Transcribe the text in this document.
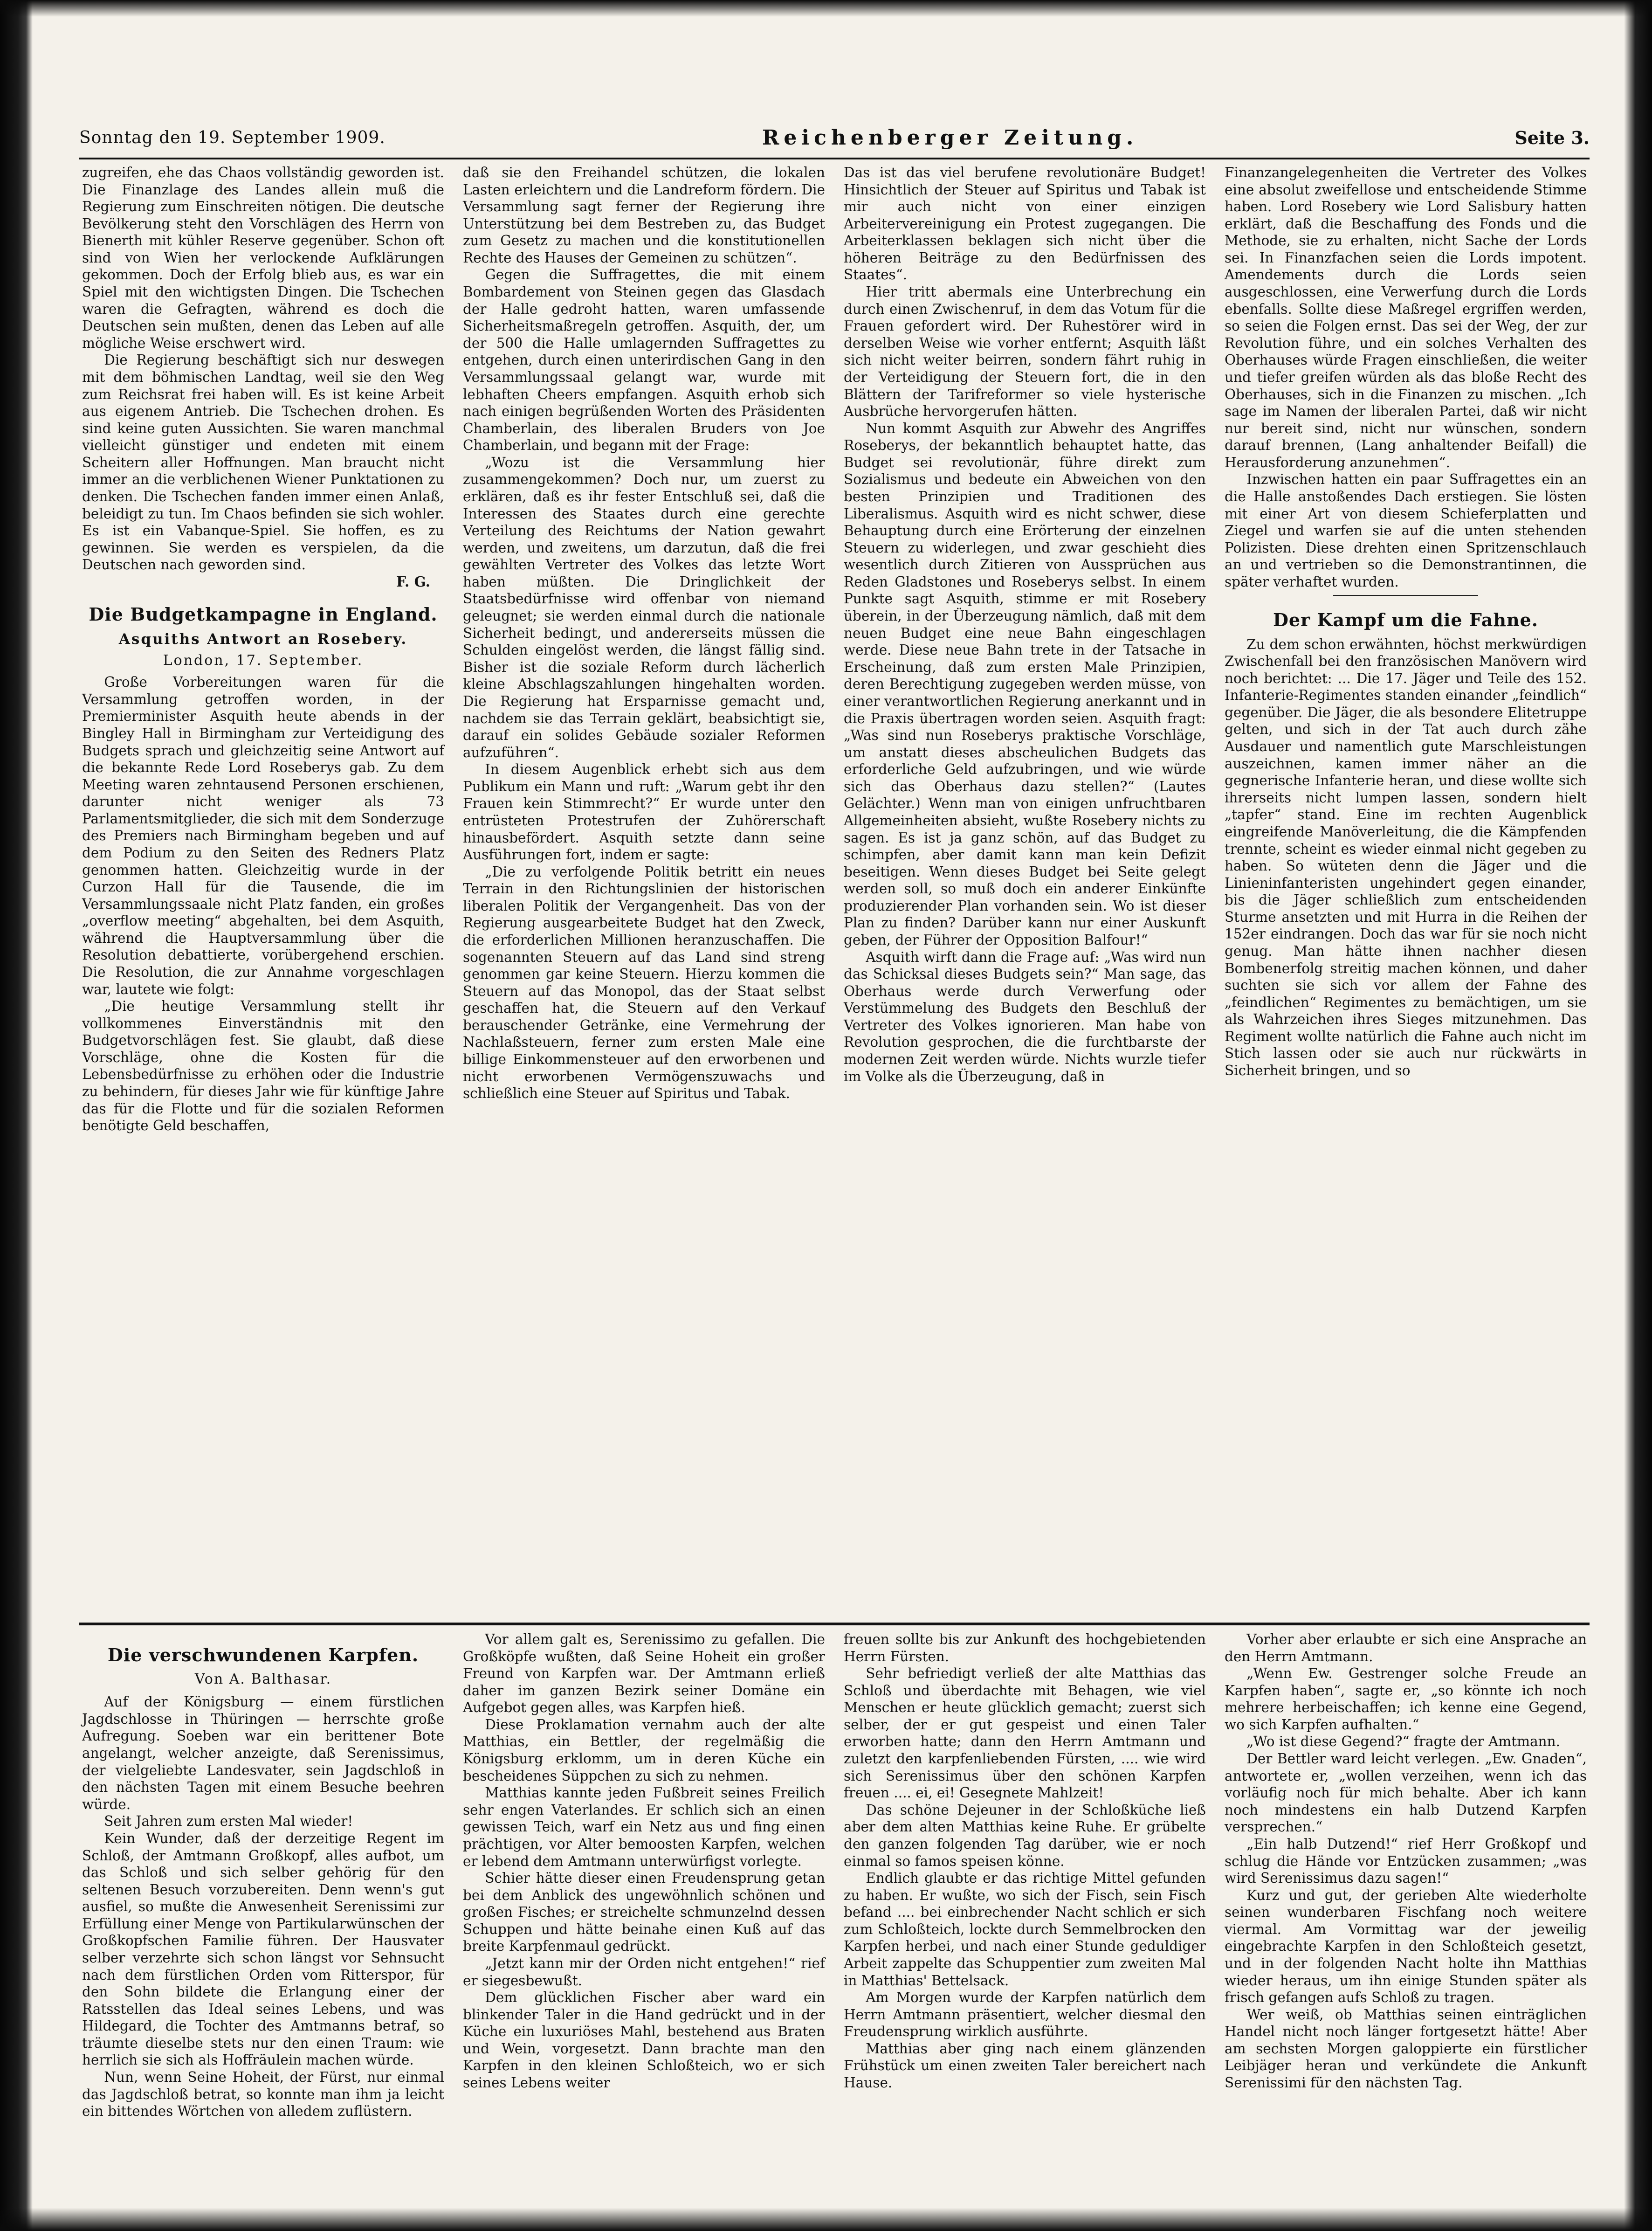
Sonntag den 19. September 1909.	Reichenberger Zeitung.	Seite 3.

zugreifen, ehe das Chaos vollständig geworden ist. Die Finanzlage des Landes allein muß die Regierung zum Einschreiten nötigen. Die deutsche Bevölkerung steht den Vorschlägen des Herrn von Bienerth mit kühler Reserve gegenüber. Schon oft sind von Wien her verlockende Aufklärungen gekommen. Doch der Erfolg blieb aus, es war ein Spiel mit den wichtigsten Dingen. Die Tschechen waren die Gefragten, während es doch die Deutschen sein mußten, denen das Leben auf alle mögliche Weise erschwert wird.

Die Regierung beschäftigt sich nur deswegen mit dem böhmischen Landtag, weil sie den Weg zum Reichsrat frei haben will. Es ist keine Arbeit aus eigenem Antrieb. Die Tschechen drohen. Es sind keine guten Aussichten. Sie waren manchmal vielleicht günstiger und endeten mit einem Scheitern aller Hoffnungen. Man braucht nicht immer an die verblichenen Wiener Punktationen zu denken. Die Tschechen fanden immer einen Anlaß, beleidigt zu tun. Im Chaos befinden sie sich wohler. Es ist ein Vabanque-Spiel. Sie hoffen, es zu gewinnen. Sie werden es verspielen, da die Deutschen nach geworden sind.

F. G.
Die Budgetkampagne in England.
Asquiths Antwort an Rosebery.
London, 17. September.

Große Vorbereitungen waren für die Versammlung getroffen worden, in der Premierminister Asquith heute abends in der Bingley Hall in Birmingham zur Verteidigung des Budgets sprach und gleichzeitig seine Antwort auf die bekannte Rede Lord Roseberys gab. Zu dem Meeting waren zehntausend Personen erschienen, darunter nicht weniger als 73 Parlamentsmitglieder, die sich mit dem Sonderzuge des Premiers nach Birmingham begeben und auf dem Podium zu den Seiten des Redners Platz genommen hatten. Gleichzeitig wurde in der Curzon Hall für die Tausende, die im Versammlungssaale nicht Platz fanden, ein großes „overflow meeting“ abgehalten, bei dem Asquith, während die Hauptversammlung über die Resolution debattierte, vorübergehend erschien. Die Resolution, die zur Annahme vorgeschlagen war, lautete wie folgt:

„Die heutige Versammlung stellt ihr vollkommenes Einverständnis mit den Budgetvorschlägen fest. Sie glaubt, daß diese Vorschläge, ohne die Kosten für die Lebensbedürfnisse zu erhöhen oder die Industrie zu behindern, für dieses Jahr wie für künftige Jahre das für die Flotte und für die sozialen Reformen benötigte Geld beschaffen,

daß sie den Freihandel schützen, die lokalen Lasten erleichtern und die Landreform fördern. Die Versammlung sagt ferner der Regierung ihre Unterstützung bei dem Bestreben zu, das Budget zum Gesetz zu machen und die konstitutionellen Rechte des Hauses der Gemeinen zu schützen“.

Gegen die Suffragettes, die mit einem Bombardement von Steinen gegen das Glasdach der Halle gedroht hatten, waren umfassende Sicherheitsmaßregeln getroffen. Asquith, der, um der 500 die Halle umlagernden Suffragettes zu entgehen, durch einen unterirdischen Gang in den Versammlungssaal gelangt war, wurde mit lebhaften Cheers empfangen. Asquith erhob sich nach einigen begrüßenden Worten des Präsidenten Chamberlain, des liberalen Bruders von Joe Chamberlain, und begann mit der Frage:

„Wozu ist die Versammlung hier zusammengekommen? Doch nur, um zuerst zu erklären, daß es ihr fester Entschluß sei, daß die Interessen des Staates durch eine gerechte Verteilung des Reichtums der Nation gewahrt werden, und zweitens, um darzutun, daß die frei gewählten Vertreter des Volkes das letzte Wort haben müßten. Die Dringlichkeit der Staatsbedürfnisse wird offenbar von niemand geleugnet; sie werden einmal durch die nationale Sicherheit bedingt, und andererseits müssen die Schulden eingelöst werden, die längst fällig sind. Bisher ist die soziale Reform durch lächerlich kleine Abschlagszahlungen hingehalten worden. Die Regierung hat Ersparnisse gemacht und, nachdem sie das Terrain geklärt, beabsichtigt sie, darauf ein solides Gebäude sozialer Reformen aufzuführen“.

In diesem Augenblick erhebt sich aus dem Publikum ein Mann und ruft: „Warum gebt ihr den Frauen kein Stimmrecht?“ Er wurde unter den entrüsteten Protestrufen der Zuhörerschaft hinausbefördert. Asquith setzte dann seine Ausführungen fort, indem er sagte:

„Die zu verfolgende Politik betritt ein neues Terrain in den Richtungslinien der historischen liberalen Politik der Vergangenheit. Das von der Regierung ausgearbeitete Budget hat den Zweck, die erforderlichen Millionen heranzuschaffen. Die sogenannten Steuern auf das Land sind streng genommen gar keine Steuern. Hierzu kommen die Steuern auf das Monopol, das der Staat selbst geschaffen hat, die Steuern auf den Verkauf berauschender Getränke, eine Vermehrung der Nachlaßsteuern, ferner zum ersten Male eine billige Einkommensteuer auf den erworbenen und nicht erworbenen Vermögenszuwachs und schließlich eine Steuer auf Spiritus und Tabak.

Das ist das viel berufene revolutionäre Budget! Hinsichtlich der Steuer auf Spiritus und Tabak ist mir auch nicht von einer einzigen Arbeitervereinigung ein Protest zugegangen. Die Arbeiterklassen beklagen sich nicht über die höheren Beiträge zu den Bedürfnissen des Staates“.

Hier tritt abermals eine Unterbrechung ein durch einen Zwischenruf, in dem das Votum für die Frauen gefordert wird. Der Ruhestörer wird in derselben Weise wie vorher entfernt; Asquith läßt sich nicht weiter beirren, sondern fährt ruhig in der Verteidigung der Steuern fort, die in den Blättern der Tarifreformer so viele hysterische Ausbrüche hervorgerufen hätten.

Nun kommt Asquith zur Abwehr des Angriffes Roseberys, der bekanntlich behauptet hatte, das Budget sei revolutionär, führe direkt zum Sozialismus und bedeute ein Abweichen von den besten Prinzipien und Traditionen des Liberalismus. Asquith wird es nicht schwer, diese Behauptung durch eine Erörterung der einzelnen Steuern zu widerlegen, und zwar geschieht dies wesentlich durch Zitieren von Aussprüchen aus Reden Gladstones und Roseberys selbst. In einem Punkte sagt Asquith, stimme er mit Rosebery überein, in der Überzeugung nämlich, daß mit dem neuen Budget eine neue Bahn eingeschlagen werde. Diese neue Bahn trete in der Tatsache in Erscheinung, daß zum ersten Male Prinzipien, deren Berechtigung zugegeben werden müsse, von einer verantwortlichen Regierung anerkannt und in die Praxis übertragen worden seien. Asquith fragt: „Was sind nun Roseberys praktische Vorschläge, um anstatt dieses abscheulichen Budgets das erforderliche Geld aufzubringen, und wie würde sich das Oberhaus dazu stellen?“ (Lautes Gelächter.) Wenn man von einigen unfruchtbaren Allgemeinheiten absieht, wußte Rosebery nichts zu sagen. Es ist ja ganz schön, auf das Budget zu schimpfen, aber damit kann man kein Defizit beseitigen. Wenn dieses Budget bei Seite gelegt werden soll, so muß doch ein anderer Einkünfte produzierender Plan vorhanden sein. Wo ist dieser Plan zu finden? Darüber kann nur einer Auskunft geben, der Führer der Opposition Balfour!“

Asquith wirft dann die Frage auf: „Was wird nun das Schicksal dieses Budgets sein?“ Man sage, das Oberhaus werde durch Verwerfung oder Verstümmelung des Budgets den Beschluß der Vertreter des Volkes ignorieren. Man habe von Revolution gesprochen, die die furchtbarste der modernen Zeit werden würde. Nichts wurzle tiefer im Volke als die Überzeugung, daß in

Finanzangelegenheiten die Vertreter des Volkes eine absolut zweifellose und entscheidende Stimme haben. Lord Rosebery wie Lord Salisbury hatten erklärt, daß die Beschaffung des Fonds und die Methode, sie zu erhalten, nicht Sache der Lords sei. In Finanzfachen seien die Lords impotent. Amendements durch die Lords seien ausgeschlossen, eine Verwerfung durch die Lords ebenfalls. Sollte diese Maßregel ergriffen werden, so seien die Folgen ernst. Das sei der Weg, der zur Revolution führe, und ein solches Verhalten des Oberhauses würde Fragen einschließen, die weiter und tiefer greifen würden als das bloße Recht des Oberhauses, sich in die Finanzen zu mischen. „Ich sage im Namen der liberalen Partei, daß wir nicht nur bereit sind, nicht nur wünschen, sondern darauf brennen, (Lang anhaltender Beifall) die Herausforderung anzunehmen“.

Inzwischen hatten ein paar Suffragettes ein an die Halle anstoßendes Dach erstiegen. Sie lösten mit einer Art von diesem Schieferplatten und Ziegel und warfen sie auf die unten stehenden Polizisten. Diese drehten einen Spritzenschlauch an und vertrieben so die Demonstrantinnen, die später verhaftet wurden.

Der Kampf um die Fahne.

Zu dem schon erwähnten, höchst merkwürdigen Zwischenfall bei den französischen Manövern wird noch berichtet: ... Die 17. Jäger und Teile des 152. Infanterie-Regimentes standen einander „feindlich“ gegenüber. Die Jäger, die als besondere Elitetruppe gelten, und sich in der Tat auch durch zähe Ausdauer und namentlich gute Marschleistungen auszeichnen, kamen immer näher an die gegnerische Infanterie heran, und diese wollte sich ihrerseits nicht lumpen lassen, sondern hielt „tapfer“ stand. Eine im rechten Augenblick eingreifende Manöverleitung, die die Kämpfenden trennte, scheint es wieder einmal nicht gegeben zu haben. So wüteten denn die Jäger und die Linieninfanteristen ungehindert gegen einander, bis die Jäger schließlich zum entscheidenden Sturme ansetzten und mit Hurra in die Reihen der 152er eindrangen. Doch das war für sie noch nicht genug. Man hätte ihnen nachher diesen Bombenerfolg streitig machen können, und daher suchten sie sich vor allem der Fahne des „feindlichen“ Regimentes zu bemächtigen, um sie als Wahrzeichen ihres Sieges mitzunehmen. Das Regiment wollte natürlich die Fahne auch nicht im Stich lassen oder sie auch nur rückwärts in Sicherheit bringen, und so

Die verschwundenen Karpfen.
Von A. Balthasar.

Auf der Königsburg — einem fürstlichen Jagdschlosse in Thüringen — herrschte große Aufregung. Soeben war ein berittener Bote angelangt, welcher anzeigte, daß Serenissimus, der vielgeliebte Landesvater, sein Jagdschloß in den nächsten Tagen mit einem Besuche beehren würde.

Seit Jahren zum ersten Mal wieder!

Kein Wunder, daß der derzeitige Regent im Schloß, der Amtmann Großkopf, alles aufbot, um das Schloß und sich selber gehörig für den seltenen Besuch vorzubereiten. Denn wenn's gut ausfiel, so mußte die Anwesenheit Serenissimi zur Erfüllung einer Menge von Partikularwünschen der Großkopfschen Familie führen. Der Hausvater selber verzehrte sich schon längst vor Sehnsucht nach dem fürstlichen Orden vom Ritterspor, für den Sohn bildete die Erlangung einer der Ratsstellen das Ideal seines Lebens, und was Hildegard, die Tochter des Amtmanns betraf, so träumte dieselbe stets nur den einen Traum: wie herrlich sie sich als Hoffräulein machen würde.

Nun, wenn Seine Hoheit, der Fürst, nur einmal das Jagdschloß betrat, so konnte man ihm ja leicht ein bittendes Wörtchen von alledem zuflüstern.

Vor allem galt es, Serenissimo zu gefallen. Die Großköpfe wußten, daß Seine Hoheit ein großer Freund von Karpfen war. Der Amtmann erließ daher im ganzen Bezirk seiner Domäne ein Aufgebot gegen alles, was Karpfen hieß.

Diese Proklamation vernahm auch der alte Matthias, ein Bettler, der regelmäßig die Königsburg erklomm, um in deren Küche ein bescheidenes Süppchen zu sich zu nehmen.

Matthias kannte jeden Fußbreit seines Freilich sehr engen Vaterlandes. Er schlich sich an einen gewissen Teich, warf ein Netz aus und fing einen prächtigen, vor Alter bemoosten Karpfen, welchen er lebend dem Amtmann unterwürfigst vorlegte.

Schier hätte dieser einen Freudensprung getan bei dem Anblick des ungewöhnlich schönen und großen Fisches; er streichelte schmunzelnd dessen Schuppen und hätte beinahe einen Kuß auf das breite Karpfenmaul gedrückt.

„Jetzt kann mir der Orden nicht entgehen!“ rief er siegesbewußt.

Dem glücklichen Fischer aber ward ein blinkender Taler in die Hand gedrückt und in der Küche ein luxuriöses Mahl, bestehend aus Braten und Wein, vorgesetzt. Dann brachte man den Karpfen in den kleinen Schloßteich, wo er sich seines Lebens weiter

freuen sollte bis zur Ankunft des hochgebietenden Herrn Fürsten.

Sehr befriedigt verließ der alte Matthias das Schloß und überdachte mit Behagen, wie viel Menschen er heute glücklich gemacht; zuerst sich selber, der er gut gespeist und einen Taler erworben hatte; dann den Herrn Amtmann und zuletzt den karpfenliebenden Fürsten, .... wie wird sich Serenissimus über den schönen Karpfen freuen .... ei, ei! Gesegnete Mahlzeit!

Das schöne Dejeuner in der Schloßküche ließ aber dem alten Matthias keine Ruhe. Er grübelte den ganzen folgenden Tag darüber, wie er noch einmal so famos speisen könne.

Endlich glaubte er das richtige Mittel gefunden zu haben. Er wußte, wo sich der Fisch, sein Fisch befand .... bei einbrechender Nacht schlich er sich zum Schloßteich, lockte durch Semmelbrocken den Karpfen herbei, und nach einer Stunde geduldiger Arbeit zappelte das Schuppentier zum zweiten Mal in Matthias' Bettelsack.

Am Morgen wurde der Karpfen natürlich dem Herrn Amtmann präsentiert, welcher diesmal den Freudensprung wirklich ausführte.

Matthias aber ging nach einem glänzenden Frühstück um einen zweiten Taler bereichert nach Hause.

Vorher aber erlaubte er sich eine Ansprache an den Herrn Amtmann.

„Wenn Ew. Gestrenger solche Freude an Karpfen haben“, sagte er, „so könnte ich noch mehrere herbeischaffen; ich kenne eine Gegend, wo sich Karpfen aufhalten.“

„Wo ist diese Gegend?“ fragte der Amtmann.

Der Bettler ward leicht verlegen. „Ew. Gnaden“, antwortete er, „wollen verzeihen, wenn ich das vorläufig noch für mich behalte. Aber ich kann noch mindestens ein halb Dutzend Karpfen versprechen.“

„Ein halb Dutzend!“ rief Herr Großkopf und schlug die Hände vor Entzücken zusammen; „was wird Serenissimus dazu sagen!“

Kurz und gut, der gerieben Alte wiederholte seinen wunderbaren Fischfang noch weitere viermal. Am Vormittag war der jeweilig eingebrachte Karpfen in den Schloßteich gesetzt, und in der folgenden Nacht holte ihn Matthias wieder heraus, um ihn einige Stunden später als frisch gefangen aufs Schloß zu tragen.

Wer weiß, ob Matthias seinen einträglichen Handel nicht noch länger fortgesetzt hätte! Aber am sechsten Morgen galoppierte ein fürstlicher Leibjäger heran und verkündete die Ankunft Serenissimi für den nächsten Tag.
